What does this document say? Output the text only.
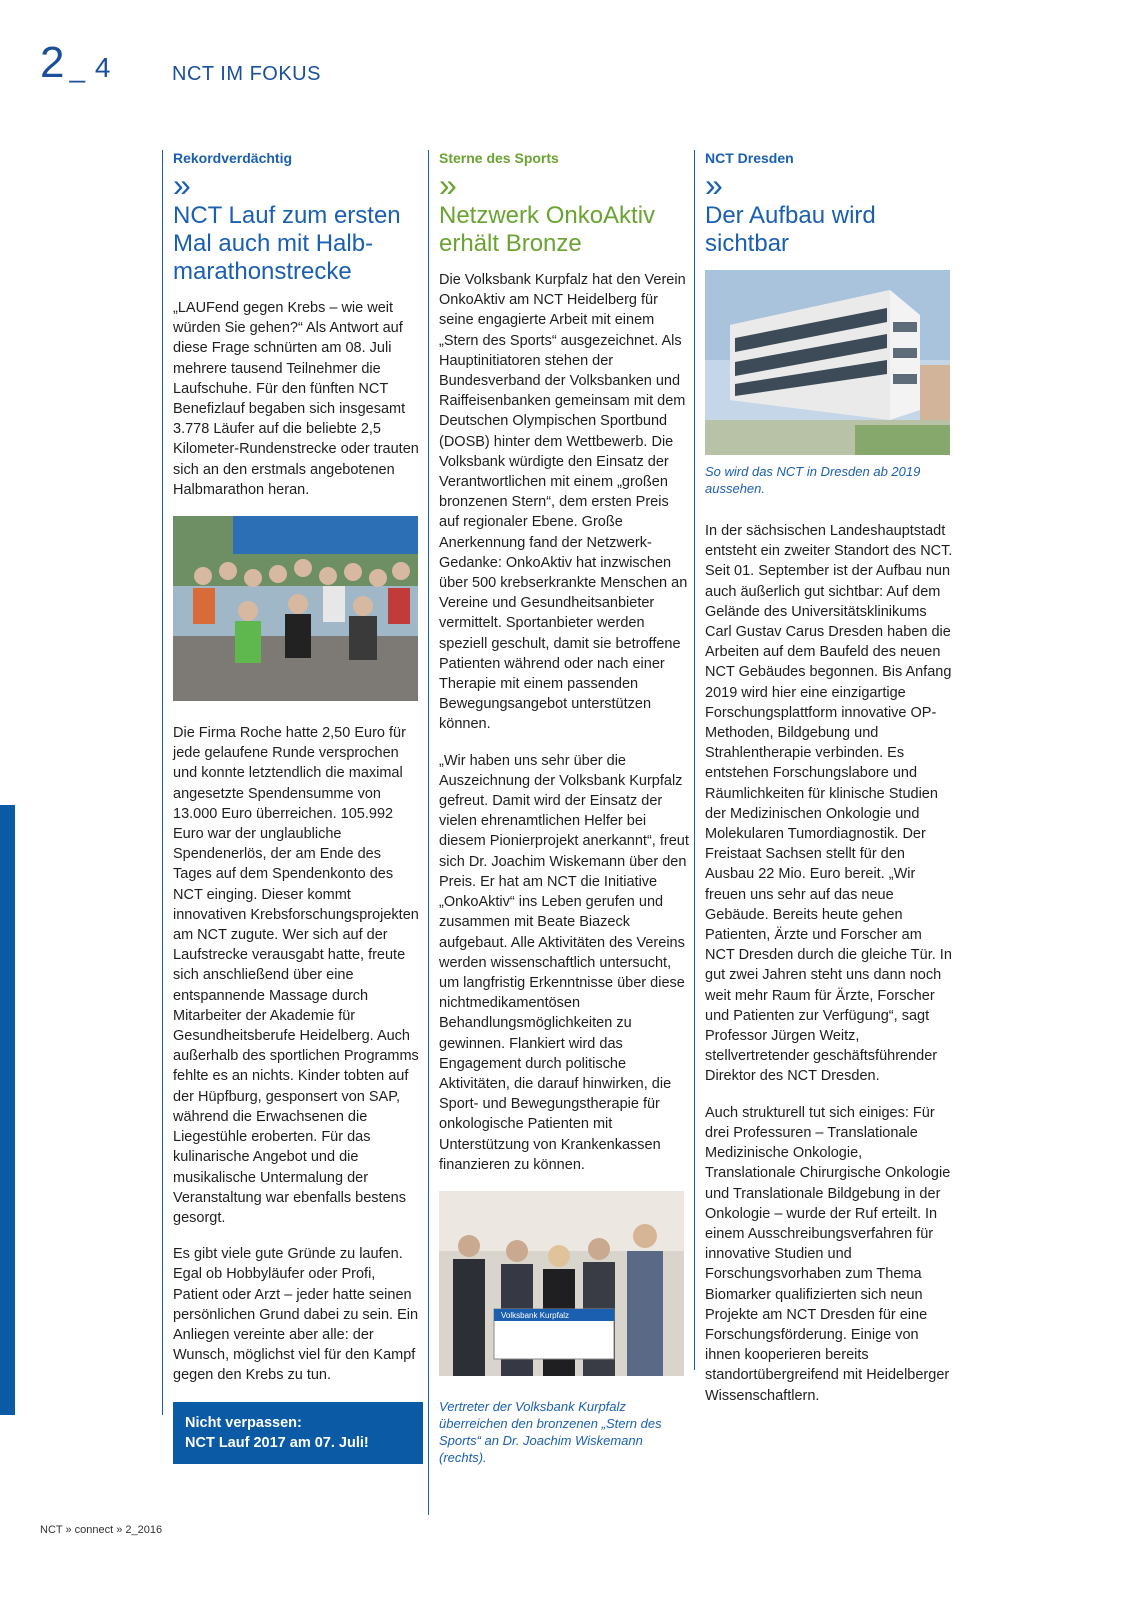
2 _ 4	NCT IM FOKUS

Rekordverdächtig

»
NCT Lauf zum ersten Mal auch mit Halbmarathonstrecke

„LAUFend gegen Krebs – wie weit würden Sie gehen?“ Als Antwort auf diese Frage schnürten am 08. Juli mehrere tausend Teilnehmer die Laufschuhe. Für den fünften NCT Benefizlauf begaben sich insgesamt 3.778 Läufer auf die beliebte 2,5 Kilometer-Rundenstrecke oder trauten sich an den erstmals angebotenen Halbmarathon heran.

Die Firma Roche hatte 2,50 Euro für jede gelaufene Runde versprochen und konnte letztendlich die maximal angesetzte Spendensumme von 13.000 Euro überreichen. 105.992 Euro war der unglaubliche Spendenerlös, der am Ende des Tages auf dem Spendenkonto des NCT einging. Dieser kommt innovativen Krebsforschungsprojekten am NCT zugute. Wer sich auf der Laufstrecke verausgabt hatte, freute sich anschließend über eine entspannende Massage durch Mitarbeiter der Akademie für Gesundheitsberufe Heidelberg. Auch außerhalb des sportlichen Programms fehlte es an nichts. Kinder tobten auf der Hüpfburg, gesponsert von SAP, während die Erwachsenen die Liegestühle eroberten. Für das kulinarische Angebot und die musikalische Untermalung der Veranstaltung war ebenfalls bestens gesorgt.

Es gibt viele gute Gründe zu laufen. Egal ob Hobbyläufer oder Profi, Patient oder Arzt – jeder hatte seinen persönlichen Grund dabei zu sein. Ein Anliegen vereinte aber alle: der Wunsch, möglichst viel für den Kampf gegen den Krebs zu tun.

Nicht verpassen:
NCT Lauf 2017 am 07. Juli!

Sterne des Sports

»
Netzwerk OnkoAktiv erhält Bronze

Die Volksbank Kurpfalz hat den Verein OnkoAktiv am NCT Heidelberg für seine engagierte Arbeit mit einem „Stern des Sports“ ausgezeichnet. Als Hauptinitiatoren stehen der Bundesverband der Volksbanken und Raiffeisenbanken gemeinsam mit dem Deutschen Olympischen Sportbund (DOSB) hinter dem Wettbewerb. Die Volksbank würdigte den Einsatz der Verantwortlichen mit einem „großen bronzenen Stern“, dem ersten Preis auf regionaler Ebene. Große Anerkennung fand der Netzwerk-Gedanke: OnkoAktiv hat inzwischen über 500 krebserkrankte Menschen an Vereine und Gesundheitsanbieter vermittelt. Sportanbieter werden speziell geschult, damit sie betroffene Patienten während oder nach einer Therapie mit einem passenden Bewegungsangebot unterstützen können.

„Wir haben uns sehr über die Auszeichnung der Volksbank Kurpfalz gefreut. Damit wird der Einsatz der vielen ehrenamtlichen Helfer bei diesem Pionierprojekt anerkannt“, freut sich Dr. Joachim Wiskemann über den Preis. Er hat am NCT die Initiative „OnkoAktiv“ ins Leben gerufen und zusammen mit Beate Biazeck aufgebaut. Alle Aktivitäten des Vereins werden wissenschaftlich untersucht, um langfristig Erkenntnisse über diese nichtmedikamentösen Behandlungsmöglichkeiten zu gewinnen. Flankiert wird das Engagement durch politische Aktivitäten, die darauf hinwirken, die Sport- und Bewegungstherapie für onkologische Patienten mit Unterstützung von Krankenkassen finanzieren zu können.

Volksbank Kurpfalz

Vertreter der Volksbank Kurpfalz überreichen den bronzenen „Stern des Sports“ an Dr. Joachim Wiskemann (rechts).

NCT Dresden

»
Der Aufbau wird sichtbar

So wird das NCT in Dresden ab 2019 aussehen.

In der sächsischen Landeshauptstadt entsteht ein zweiter Standort des NCT. Seit 01. September ist der Aufbau nun auch äußerlich gut sichtbar: Auf dem Gelände des Universitätsklinikums Carl Gustav Carus Dresden haben die Arbeiten auf dem Baufeld des neuen NCT Gebäudes begonnen. Bis Anfang 2019 wird hier eine einzigartige Forschungsplattform innovative OP-Methoden, Bildgebung und Strahlentherapie verbinden. Es entstehen Forschungslabore und Räumlichkeiten für klinische Studien der Medizinischen Onkologie und Molekularen Tumordiagnostik. Der Freistaat Sachsen stellt für den Ausbau 22 Mio. Euro bereit. „Wir freuen uns sehr auf das neue Gebäude. Bereits heute gehen Patienten, Ärzte und Forscher am NCT Dresden durch die gleiche Tür. In gut zwei Jahren steht uns dann noch weit mehr Raum für Ärzte, Forscher und Patienten zur Verfügung“, sagt Professor Jürgen Weitz, stellvertretender geschäftsführender Direktor des NCT Dresden.

Auch strukturell tut sich einiges: Für drei Professuren – Translationale Medizinische Onkologie, Translationale Chirurgische Onkologie und Translationale Bildgebung in der Onkologie – wurde der Ruf erteilt. In einem Ausschreibungsverfahren für innovative Studien und Forschungsvorhaben zum Thema Biomarker qualifizierten sich neun Projekte am NCT Dresden für eine Forschungsförderung. Einige von ihnen kooperieren bereits standortübergreifend mit Heidelberger Wissenschaftlern.

NCT » connect » 2_2016
